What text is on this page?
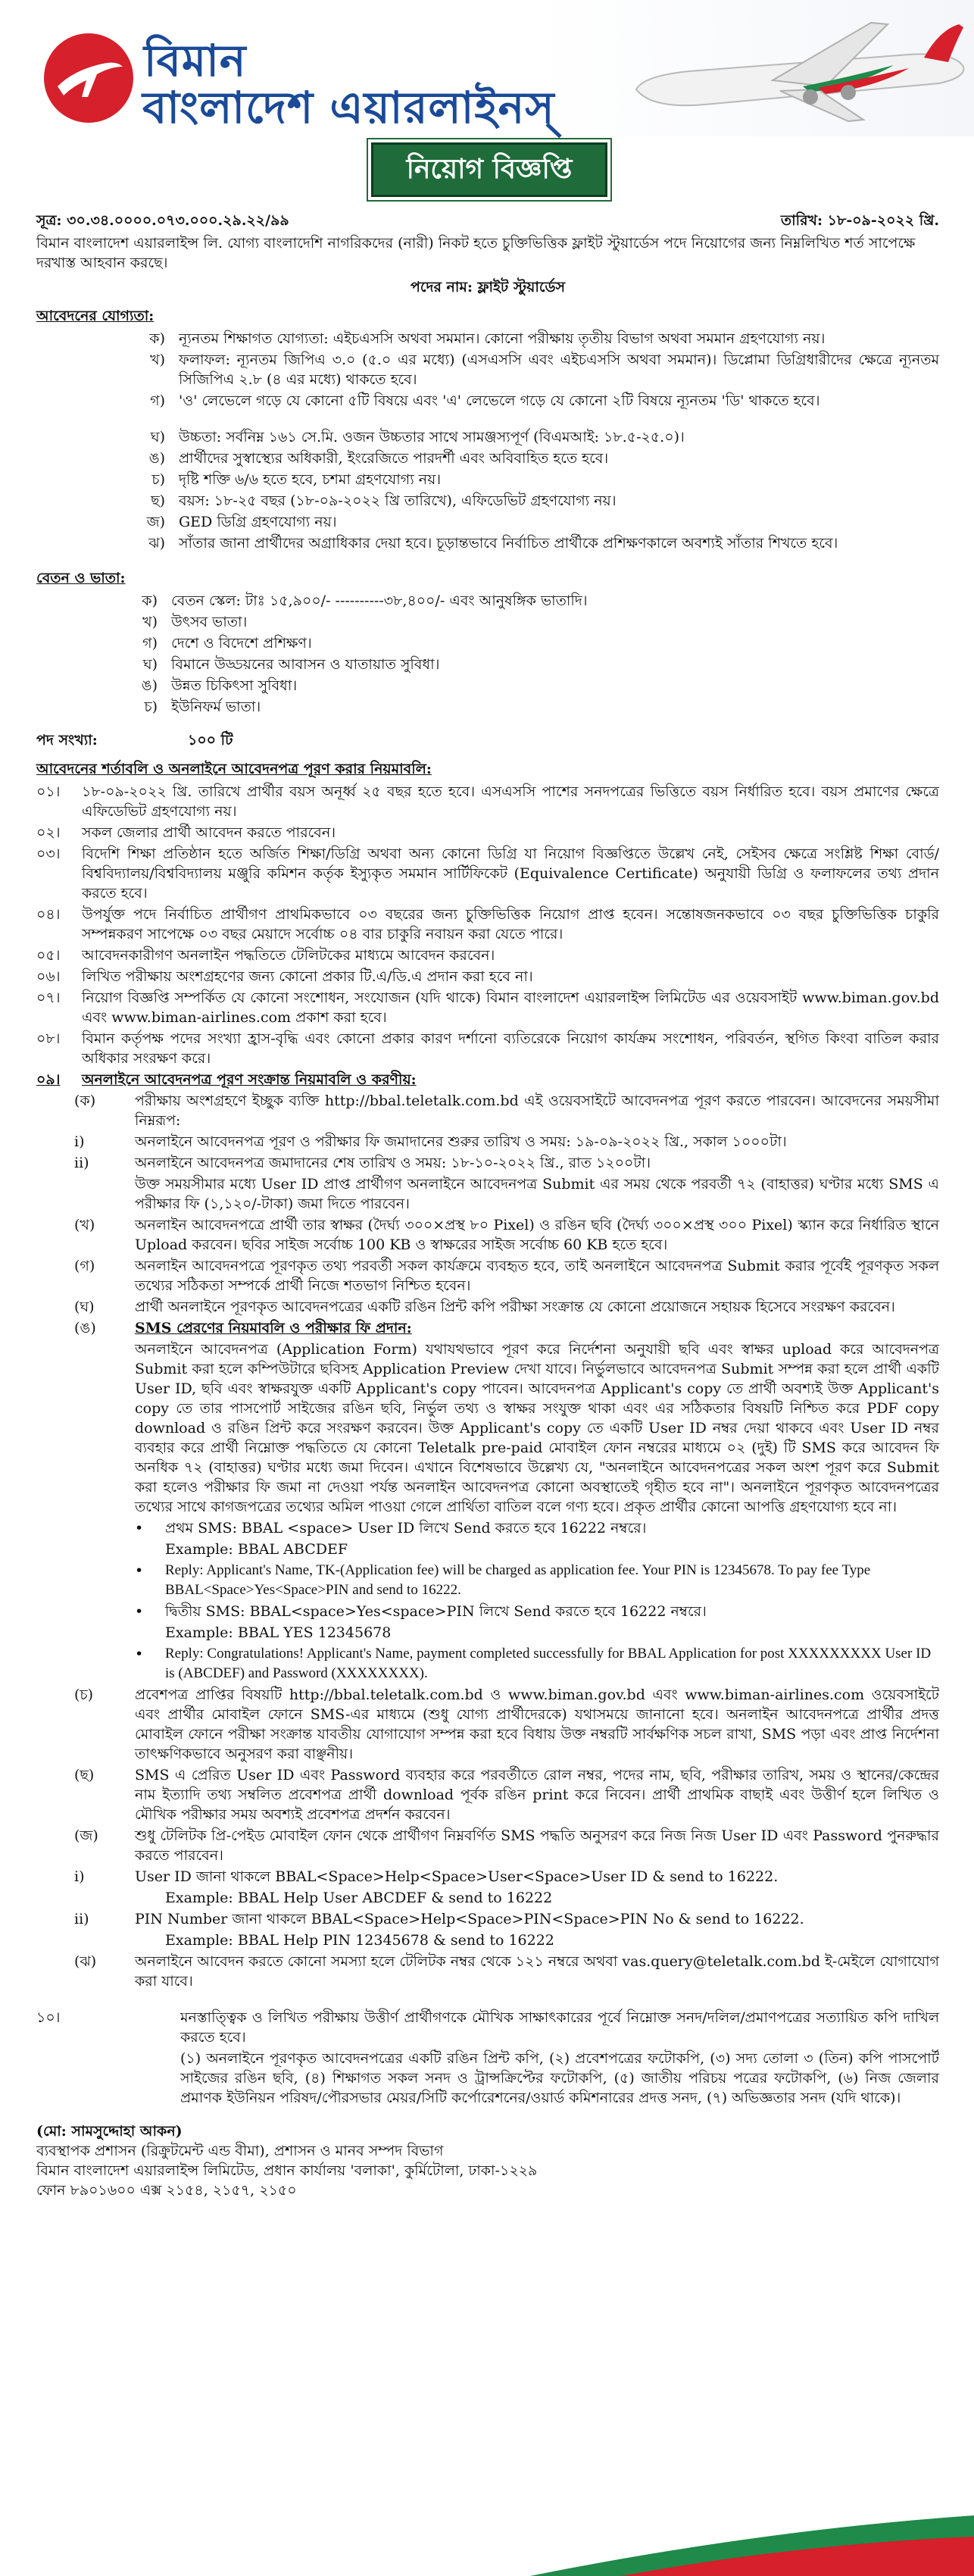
বিমান
বাংলাদেশ এয়ারলাইনস্
নিয়োগ বিজ্ঞপ্তি
সূত্র: ৩০.৩৪.০০০০.০৭৩.০০০.২৯.২২/৯৯	তারিখ: ১৮-০৯-২০২২ খ্রি.
বিমান বাংলাদেশ এয়ারলাইন্স লি. যোগ্য বাংলাদেশি নাগরিকদের (নারী) নিকট হতে চুক্তিভিত্তিক ফ্লাইট স্টুয়ার্ডেস পদে নিয়োগের জন্য নিম্নলিখিত শর্ত সাপেক্ষে দরখাস্ত আহবান করছে।
পদের নাম: ফ্লাইট স্টুয়ার্ডেস
আবেদনের যোগ্যতা:
ক) ন্যূনতম শিক্ষাগত যোগ্যতা: এইচএসসি অথবা সমমান। কোনো পরীক্ষায় তৃতীয় বিভাগ অথবা সমমান গ্রহণযোগ্য নয়।
খ) ফলাফল: ন্যূনতম জিপিএ ৩.০ (৫.০ এর মধ্যে) (এসএসসি এবং এইচএসসি অথবা সমমান)। ডিপ্লোমা ডিগ্রিধারীদের ক্ষেত্রে ন্যূনতম সিজিপিএ ২.৮ (৪ এর মধ্যে) থাকতে হবে।
গ) 'ও' লেভেলে গড়ে যে কোনো ৫টি বিষয়ে এবং 'এ' লেভেলে গড়ে যে কোনো ২টি বিষয়ে ন্যূনতম 'ডি' থাকতে হবে।
ঘ) উচ্চতা: সর্বনিম্ন ১৬১ সে.মি. ওজন উচ্চতার সাথে সামঞ্জস্যপূর্ণ (বিএমআই: ১৮.৫-২৫.০)।
ঙ) প্রার্থীদের সুস্বাস্থ্যের অধিকারী, ইংরেজিতে পারদর্শী এবং অবিবাহিত হতে হবে।
চ) দৃষ্টি শক্তি ৬/৬ হতে হবে, চশমা গ্রহণযোগ্য নয়।
ছ) বয়স: ১৮-২৫ বছর (১৮-০৯-২০২২ খ্রি তারিখে), এফিডেভিট গ্রহণযোগ্য নয়।
জ) GED ডিগ্রি গ্রহণযোগ্য নয়।
ঝ) সাঁতার জানা প্রার্থীদের অগ্রাধিকার দেয়া হবে। চূড়ান্তভাবে নির্বাচিত প্রার্থীকে প্রশিক্ষণকালে অবশ্যই সাঁতার শিখতে হবে।
বেতন ও ভাতা:
ক) বেতন স্কেল: টাঃ ১৫,৯০০/- ----------৩৮,৪০০/- এবং আনুষঙ্গিক ভাতাদি।
খ) উৎসব ভাতা।
গ) দেশে ও বিদেশে প্রশিক্ষণ।
ঘ) বিমানে উড্ডয়নের আবাসন ও যাতায়াত সুবিধা।
ঙ) উন্নত চিকিৎসা সুবিধা।
চ) ইউনিফর্ম ভাতা।
পদ সংখ্যা:	১০০ টি
আবেদনের শর্তাবলি ও অনলাইনে আবেদনপত্র পূরণ করার নিয়মাবলি:
০১।	১৮-০৯-২০২২ খ্রি. তারিখে প্রার্থীর বয়স অনূর্ধ্ব ২৫ বছর হতে হবে। এসএসসি পাশের সনদপত্রের ভিত্তিতে বয়স নির্ধারিত হবে। বয়স প্রমাণের ক্ষেত্রে এফিডেভিট গ্রহণযোগ্য নয়।
০২।	সকল জেলার প্রার্থী আবেদন করতে পারবেন।
০৩।	বিদেশি শিক্ষা প্রতিষ্ঠান হতে অর্জিত শিক্ষা/ডিগ্রি অথবা অন্য কোনো ডিগ্রি যা নিয়োগ বিজ্ঞপ্তিতে উল্লেখ নেই, সেইসব ক্ষেত্রে সংশ্লিষ্ট শিক্ষা বোর্ড/বিশ্ববিদ্যালয়/বিশ্ববিদ্যালয় মঞ্জুরি কমিশন কর্তৃক ইস্যুকৃত সমমান সার্টিফিকেট (Equivalence Certificate) অনুযায়ী ডিগ্রি ও ফলাফলের তথ্য প্রদান করতে হবে।
০৪।	উপর্যুক্ত পদে নির্বাচিত প্রার্থীগণ প্রাথমিকভাবে ০৩ বছরের জন্য চুক্তিভিত্তিক নিয়োগ প্রাপ্ত হবেন। সন্তোষজনকভাবে ০৩ বছর চুক্তিভিত্তিক চাকুরি সম্পন্নকরণ সাপেক্ষে ০৩ বছর মেয়াদে সর্বোচ্চ ০৪ বার চাকুরি নবায়ন করা যেতে পারে।
০৫।	আবেদনকারীগণ অনলাইন পদ্ধতিতে টেলিটকের মাধ্যমে আবেদন করবেন।
০৬।	লিখিত পরীক্ষায় অংশগ্রহণের জন্য কোনো প্রকার টি.এ/ডি.এ প্রদান করা হবে না।
০৭।	নিয়োগ বিজ্ঞপ্তি সম্পর্কিত যে কোনো সংশোধন, সংযোজন (যদি থাকে) বিমান বাংলাদেশ এয়ারলাইন্স লিমিটেড এর ওয়েবসাইট www.biman.gov.bd এবং www.biman-airlines.com প্রকাশ করা হবে।
০৮।	বিমান কর্তৃপক্ষ পদের সংখ্যা হ্রাস-বৃদ্ধি এবং কোনো প্রকার কারণ দর্শানো ব্যতিরেকে নিয়োগ কার্যক্রম সংশোধন, পরিবর্তন, স্থগিত কিংবা বাতিল করার অধিকার সংরক্ষণ করে।
০৯।	অনলাইনে আবেদনপত্র পূরণ সংক্রান্ত নিয়মাবলি ও করণীয়:
(ক)	পরীক্ষায় অংশগ্রহণে ইচ্ছুক ব্যক্তি http://bbal.teletalk.com.bd এই ওয়েবসাইটে আবেদনপত্র পূরণ করতে পারবেন। আবেদনের সময়সীমা নিম্নরূপ:
i)	অনলাইনে আবেদনপত্র পূরণ ও পরীক্ষার ফি জমাদানের শুরুর তারিখ ও সময়: ১৯-০৯-২০২২ খ্রি., সকাল ১০০০টা।
ii)	অনলাইনে আবেদনপত্র জমাদানের শেষ তারিখ ও সময়: ১৮-১০-২০২২ খ্রি., রাত ১২০০টা।
উক্ত সময়সীমার মধ্যে User ID প্রাপ্ত প্রার্থীগণ অনলাইনে আবেদনপত্র Submit এর সময় থেকে পরবর্তী ৭২ (বাহাত্তর) ঘণ্টার মধ্যে SMS এ পরীক্ষার ফি (১,১২০/-টাকা) জমা দিতে পারবেন।
(খ)	অনলাইন আবেদনপত্রে প্রার্থী তার স্বাক্ষর (দৈর্ঘ্য ৩০০×প্রস্থ ৮০ Pixel) ও রঙিন ছবি (দৈর্ঘ্য ৩০০×প্রস্থ ৩০০ Pixel) স্ক্যান করে নির্ধারিত স্থানে Upload করবেন। ছবির সাইজ সর্বোচ্চ 100 KB ও স্বাক্ষরের সাইজ সর্বোচ্চ 60 KB হতে হবে।
(গ)	অনলাইন আবেদনপত্রে পূরণকৃত তথ্য পরবর্তী সকল কার্যক্রমে ব্যবহৃত হবে, তাই অনলাইনে আবেদনপত্র Submit করার পূর্বেই পূরণকৃত সকল তথ্যের সঠিকতা সম্পর্কে প্রার্থী নিজে শতভাগ নিশ্চিত হবেন।
(ঘ)	প্রার্থী অনলাইনে পূরণকৃত আবেদনপত্রের একটি রঙিন প্রিন্ট কপি পরীক্ষা সংক্রান্ত যে কোনো প্রয়োজনে সহায়ক হিসেবে সংরক্ষণ করবেন।
(ঙ)	SMS প্রেরণের নিয়মাবলি ও পরীক্ষার ফি প্রদান:
অনলাইনে আবেদনপত্র (Application Form) যথাযথভাবে পূরণ করে নির্দেশনা অনুযায়ী ছবি এবং স্বাক্ষর upload করে আবেদনপত্র Submit করা হলে কম্পিউটারে ছবিসহ Application Preview দেখা যাবে। নির্ভুলভাবে আবেদনপত্র Submit সম্পন্ন করা হলে প্রার্থী একটি User ID, ছবি এবং স্বাক্ষরযুক্ত একটি Applicant's copy পাবেন। আবেদনপত্র Applicant's copy তে প্রার্থী অবশ্যই উক্ত Applicant's copy তে তার পাসপোর্ট সাইজের রঙিন ছবি, নির্ভুল তথ্য ও স্বাক্ষর সংযুক্ত থাকা এবং এর সঠিকতার বিষয়টি নিশ্চিত করে PDF copy download ও রঙিন প্রিন্ট করে সংরক্ষণ করবেন। উক্ত Applicant's copy তে একটি User ID নম্বর দেয়া থাকবে এবং User ID নম্বর ব্যবহার করে প্রার্থী নিম্নোক্ত পদ্ধতিতে যে কোনো Teletalk pre-paid মোবাইল ফোন নম্বরের মাধ্যমে ০২ (দুই) টি SMS করে আবেদন ফি অনধিক ৭২ (বাহাত্তর) ঘণ্টার মধ্যে জমা দিবেন। এখানে বিশেষভাবে উল্লেখ্য যে, "অনলাইনে আবেদনপত্রের সকল অংশ পূরণ করে Submit করা হলেও পরীক্ষার ফি জমা না দেওয়া পর্যন্ত অনলাইন আবেদনপত্র কোনো অবস্থাতেই গৃহীত হবে না"। অনলাইনে পূরণকৃত আবেদনপত্রের তথ্যের সাথে কাগজপত্রের তথ্যের অমিল পাওয়া গেলে প্রার্থিতা বাতিল বলে গণ্য হবে। প্রকৃত প্রার্থীর কোনো আপত্তি গ্রহণযোগ্য হবে না।
•	প্রথম SMS: BBAL <space> User ID লিখে Send করতে হবে 16222 নম্বরে।
Example: BBAL ABCDEF
•	Reply: Applicant's Name, TK-(Application fee) will be charged as application fee. Your PIN is 12345678. To pay fee Type BBAL<Space>Yes<Space>PIN and send to 16222.
•	দ্বিতীয় SMS: BBAL<space>Yes<space>PIN লিখে Send করতে হবে 16222 নম্বরে।
Example: BBAL YES 12345678
•	Reply: Congratulations! Applicant's Name, payment completed successfully for BBAL Application for post XXXXXXXXX User ID is (ABCDEF) and Password (XXXXXXXX).
(চ)	প্রবেশপত্র প্রাপ্তির বিষয়টি http://bbal.teletalk.com.bd ও www.biman.gov.bd এবং www.biman-airlines.com ওয়েবসাইটে এবং প্রার্থীর মোবাইল ফোনে SMS-এর মাধ্যমে (শুধু যোগ্য প্রার্থীদেরকে) যথাসময়ে জানানো হবে। অনলাইন আবেদনপত্রে প্রার্থীর প্রদত্ত মোবাইল ফোনে পরীক্ষা সংক্রান্ত যাবতীয় যোগাযোগ সম্পন্ন করা হবে বিধায় উক্ত নম্বরটি সার্বক্ষণিক সচল রাখা, SMS পড়া এবং প্রাপ্ত নির্দেশনা তাৎক্ষণিকভাবে অনুসরণ করা বাঞ্ছনীয়।
(ছ)	SMS এ প্রেরিত User ID এবং Password ব্যবহার করে পরবর্তীতে রোল নম্বর, পদের নাম, ছবি, পরীক্ষার তারিখ, সময় ও স্থানের/কেন্দ্রের নাম ইত্যাদি তথ্য সম্বলিত প্রবেশপত্র প্রার্থী download পূর্বক রঙিন print করে নিবেন। প্রার্থী প্রাথমিক বাছাই এবং উত্তীর্ণ হলে লিখিত ও মৌখিক পরীক্ষার সময় অবশ্যই প্রবেশপত্র প্রদর্শন করবেন।
(জ)	শুধু টেলিটক প্রি-পেইড মোবাইল ফোন থেকে প্রার্থীগণ নিম্নবর্ণিত SMS পদ্ধতি অনুসরণ করে নিজ নিজ User ID এবং Password পুনরুদ্ধার করতে পারবেন।
i)	User ID জানা থাকলে BBAL<Space>Help<Space>User<Space>User ID & send to 16222.
Example: BBAL Help User ABCDEF & send to 16222
ii)	PIN Number জানা থাকলে BBAL<Space>Help<Space>PIN<Space>PIN No & send to 16222.
Example: BBAL Help PIN 12345678 & send to 16222
(ঝ)	অনলাইনে আবেদন করতে কোনো সমস্যা হলে টেলিটক নম্বর থেকে ১২১ নম্বরে অথবা vas.query@teletalk.com.bd ই-মেইলে যোগাযোগ করা যাবে।
১০।	মনস্তাত্ত্বিক ও লিখিত পরীক্ষায় উত্তীর্ণ প্রার্থীগণকে মৌখিক সাক্ষাৎকারের পূর্বে নিম্নোক্ত সনদ/দলিল/প্রমাণপত্রের সত্যায়িত কপি দাখিল করতে হবে।
(১) অনলাইনে পূরণকৃত আবেদনপত্রের একটি রঙিন প্রিন্ট কপি, (২) প্রবেশপত্রের ফটোকপি, (৩) সদ্য তোলা ৩ (তিন) কপি পাসপোর্ট সাইজের রঙিন ছবি, (৪) শিক্ষাগত সকল সনদ ও ট্রান্সক্রিপ্টের ফটোকপি, (৫) জাতীয় পরিচয় পত্রের ফটোকপি, (৬) নিজ জেলার প্রমাণক ইউনিয়ন পরিষদ/পৌরসভার মেয়র/সিটি কর্পোরেশনের/ওয়ার্ড কমিশনারের প্রদত্ত সনদ, (৭) অভিজ্ঞতার সনদ (যদি থাকে)।
(মো: সামসুদ্দোহা আকন)
ব্যবস্থাপক প্রশাসন (রিক্রুটমেন্ট এন্ড বীমা), প্রশাসন ও মানব সম্পদ বিভাগ
বিমান বাংলাদেশ এয়ারলাইন্স লিমিটেড, প্রধান কার্যালয় 'বলাকা', কুর্মিটোলা, ঢাকা-১২২৯
ফোন ৮৯০১৬০০ এক্স ২১৫৪, ২১৫৭, ২১৫০
